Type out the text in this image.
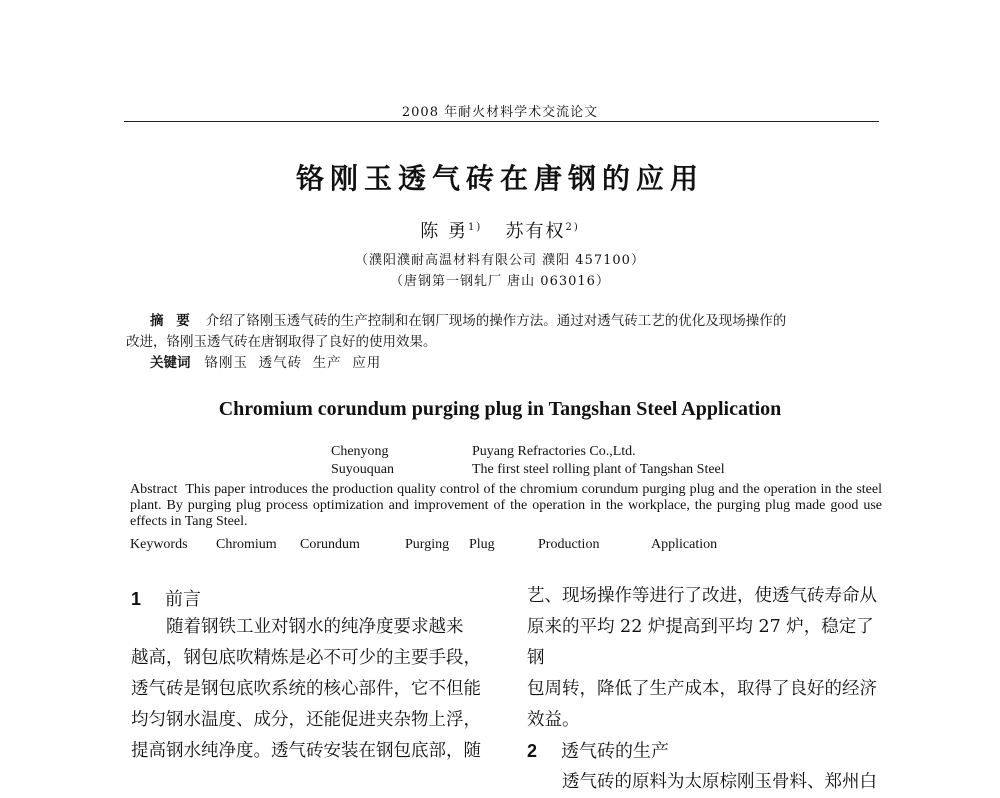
2008 年耐火材料学术交流论文
铬刚玉透气砖在唐钢的应用
陈 勇$^{1)}$ 苏有权$^{2)}$
（濮阳濮耐高温材料有限公司 濮阳 457100）
（唐钢第一钢轧厂 唐山 063016）
摘 要 介绍了铬刚玉透气砖的生产控制和在钢厂现场的操作方法。通过对透气砖工艺的优化及现场操作的
改进，铬刚玉透气砖在唐钢取得了良好的使用效果。
关键词 铬刚玉  透气砖  生产  应用
Chromium corundum purging plug in Tangshan Steel Application
Chenyong	Puyang Refractories Co.,Ltd.
Suyouquan	The first steel rolling plant of Tangshan Steel
Abstract This paper introduces the production quality control of the chromium corundum purging plug and the operation in the steel plant. By purging plug process optimization and improvement of the operation in the workplace, the purging plug made good use effects in Tang Steel.
Keywords Chromium Corundum	Purging Plug	Production	Application
1 前言
随着钢铁工业对钢水的纯净度要求越来
越高，钢包底吹精炼是必不可少的主要手段，
透气砖是钢包底吹系统的核心部件，它不但能
均匀钢水温度、成分，还能促进夹杂物上浮，
提高钢水纯净度。透气砖安装在钢包底部，随
艺、现场操作等进行了改进，使透气砖寿命从
原来的平均 22 炉提高到平均 27 炉，稳定了钢
包周转，降低了生产成本，取得了良好的经济
效益。
2 透气砖的生产
透气砖的原料为太原棕刚玉骨料、郑州白
